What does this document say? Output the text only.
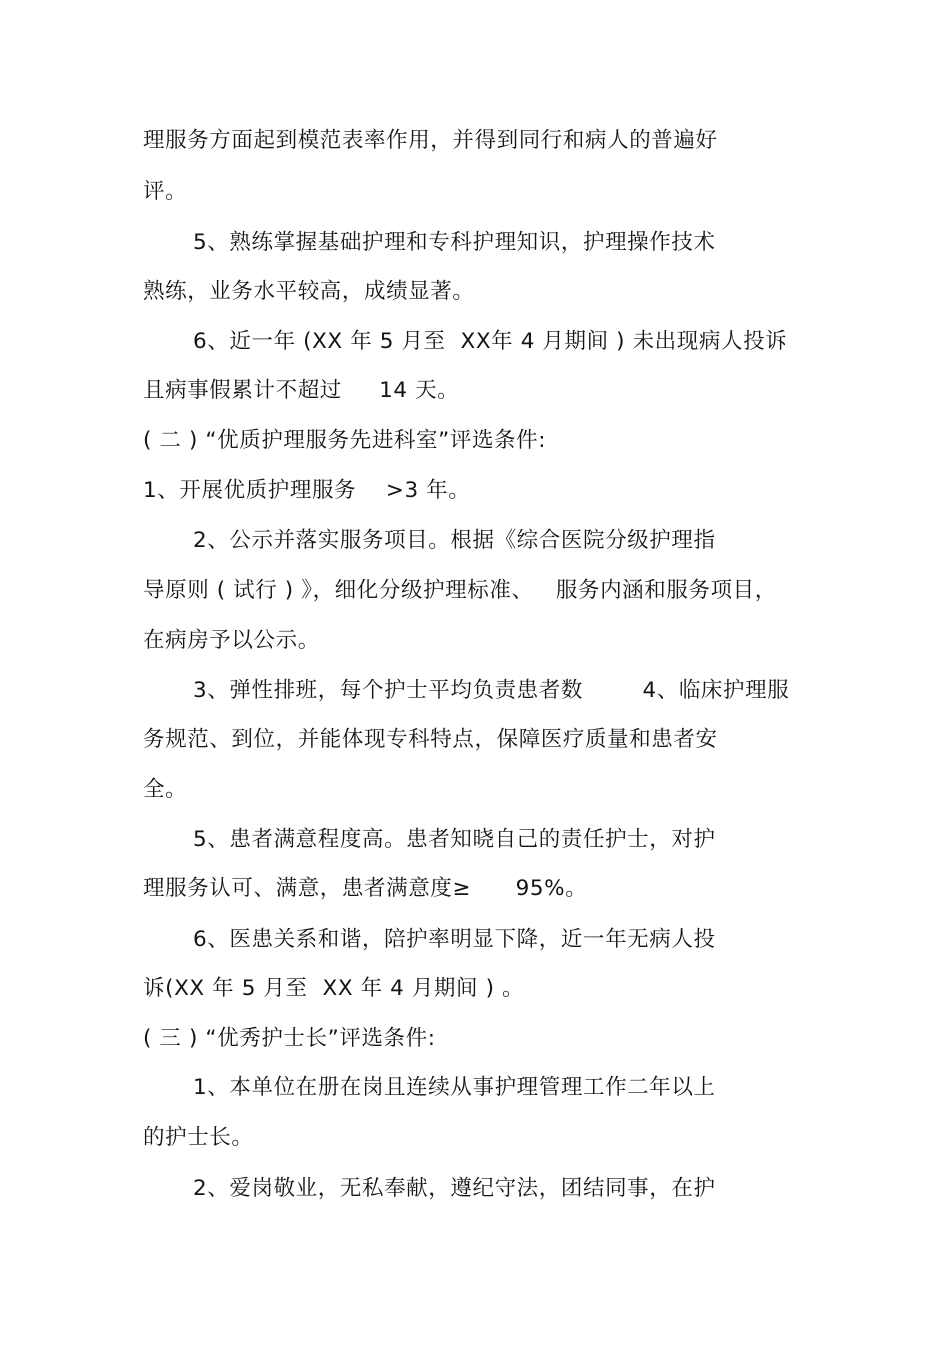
理服务方面起到模范表率作用，并得到同行和病人的普遍好
评。
5、熟练掌握基础护理和专科护理知识，护理操作技术
熟练，业务水平较高，成绩显著。
6、近一年 (XX 年 5 月至  XX年 4 月期间 ) 未出现病人投诉
且病事假累计不超过     14 天。
( 二 ) “优质护理服务先进科室”评选条件:
1、开展优质护理服务    >3 年。
2、公示并落实服务项目。根据《综合医院分级护理指
导原则 ( 试行 ) 》，细化分级护理标准、   服务内涵和服务项目，
在病房予以公示。
3、弹性排班，每个护士平均负责患者数        4、临床护理服
务规范、到位，并能体现专科特点，保障医疗质量和患者安
全。
5、患者满意程度高。患者知晓自己的责任护士，对护
理服务认可、满意，患者满意度≥      95%。
6、医患关系和谐，陪护率明显下降，近一年无病人投
诉(XX 年 5 月至  XX 年 4 月期间 ) 。
( 三 ) “优秀护士长”评选条件:
1、本单位在册在岗且连续从事护理管理工作二年以上
的护士长。
2、爱岗敬业，无私奉献，遵纪守法，团结同事，在护
